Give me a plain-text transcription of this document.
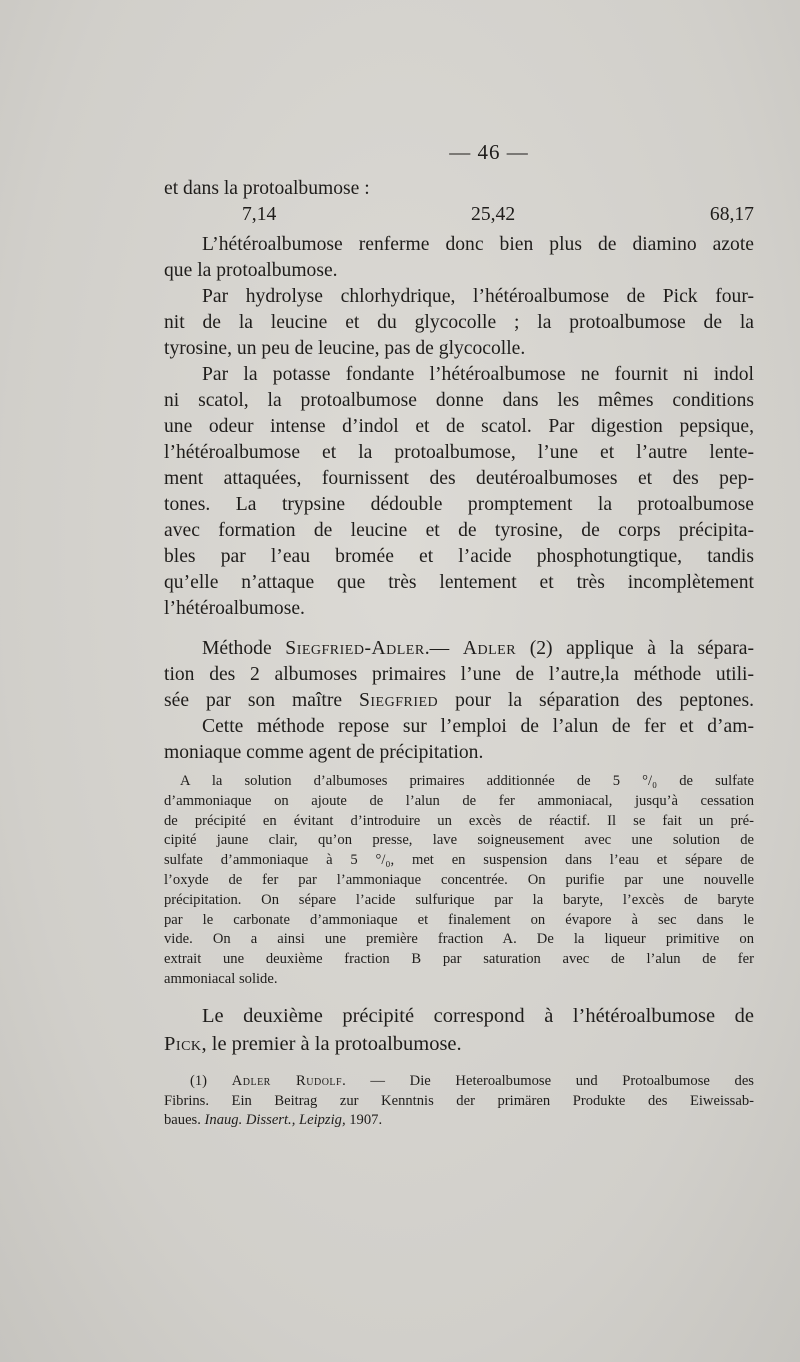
— 46 —
et dans la protoalbumose :
7,14	25,42	68,17
L’hétéroalbumose renferme donc bien plus de diamino azote
que la protoalbumose.
Par hydrolyse chlorhydrique, l’hétéroalbumose de Pick four-
nit de la leucine et du glycocolle ; la protoalbumose de la
tyrosine, un peu de leucine, pas de glycocolle.
Par la potasse fondante l’hétéroalbumose ne fournit ni indol
ni scatol, la protoalbumose donne dans les mêmes conditions
une odeur intense d’indol et de scatol. Par digestion pepsique,
l’hétéroalbumose et la protoalbumose, l’une et l’autre lente-
ment attaquées, fournissent des deutéroalbumoses et des pep-
tones. La trypsine dédouble promptement la protoalbumose
avec formation de leucine et de tyrosine, de corps précipita-
bles par l’eau bromée et l’acide phosphotungtique, tandis
qu’elle n’attaque que très lentement et très incomplètement
l’hétéroalbumose.
Méthode Siegfried-Adler.— Adler (2) applique à la sépara-
tion des 2 albumoses primaires l’une de l’autre,la méthode utili-
sée par son maître Siegfried pour la séparation des peptones.
Cette méthode repose sur l’emploi de l’alun de fer et d’am-
moniaque comme agent de précipitation.
A la solution d’albumoses primaires additionnée de 5 °/₀ de sulfate
d’ammoniaque on ajoute de l’alun de fer ammoniacal, jusqu’à cessation
de précipité en évitant d’introduire un excès de réactif. Il se fait un pré-
cipité jaune clair, qu’on presse, lave soigneusement avec une solution de
sulfate d’ammoniaque à 5 °/₀, met en suspension dans l’eau et sépare de
l’oxyde de fer par l’ammoniaque concentrée. On purifie par une nouvelle
précipitation. On sépare l’acide sulfurique par la baryte, l’excès de baryte
par le carbonate d’ammoniaque et finalement on évapore à sec dans le
vide. On a ainsi une première fraction A. De la liqueur primitive on
extrait une deuxième fraction B par saturation avec de l’alun de fer
ammoniacal solide.
Le deuxième précipité correspond à l’hétéroalbumose de
Pick, le premier à la protoalbumose.
(1) Adler Rudolf. — Die Heteroalbumose und Protoalbumose des
Fibrins. Ein Beitrag zur Kenntnis der primären Produkte des Eiweissab-
baues. Inaug. Dissert., Leipzig, 1907.
